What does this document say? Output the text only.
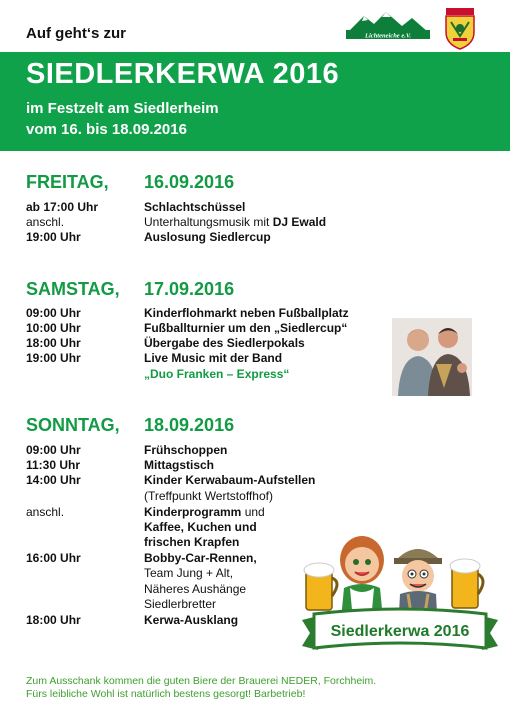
Auf geht‘s zur	Lichteneiche e.V.
SIEDLERKERWA 2016
im Festzelt am Siedlerheim
vom 16. bis 18.09.2016
FREITAG, 16.09.2016
ab 17:00 Uhr	Schlachtschüssel
anschl.	Unterhaltungsmusik mit DJ Ewald
19:00 Uhr	Auslosung Siedlercup
SAMSTAG, 17.09.2016
09:00 Uhr	Kinderflohmarkt neben Fußballplatz
10:00 Uhr	Fußballturnier um den „Siedlercup“
18:00 Uhr	Übergabe des Siedlerpokals
19:00 Uhr	Live Music mit der Band
„Duo Franken – Express“
SONNTAG, 18.09.2016
09:00 Uhr	Frühschoppen
11:30 Uhr	Mittagstisch
14:00 Uhr	Kinder Kerwabaum-Aufstellen
(Treffpunkt Wertstoffhof)
anschl.	Kinderprogramm und
Kaffee, Kuchen und
frischen Krapfen
16:00 Uhr	Bobby-Car-Rennen,
Team Jung + Alt,
Näheres Aushänge
Siedlerbretter
18:00 Uhr	Kerwa-Ausklang
Siedlerkerwa 2016
Zum Ausschank kommen die guten Biere der Brauerei NEDER, Forchheim.
Fürs leibliche Wohl ist natürlich bestens gesorgt! Barbetrieb!
